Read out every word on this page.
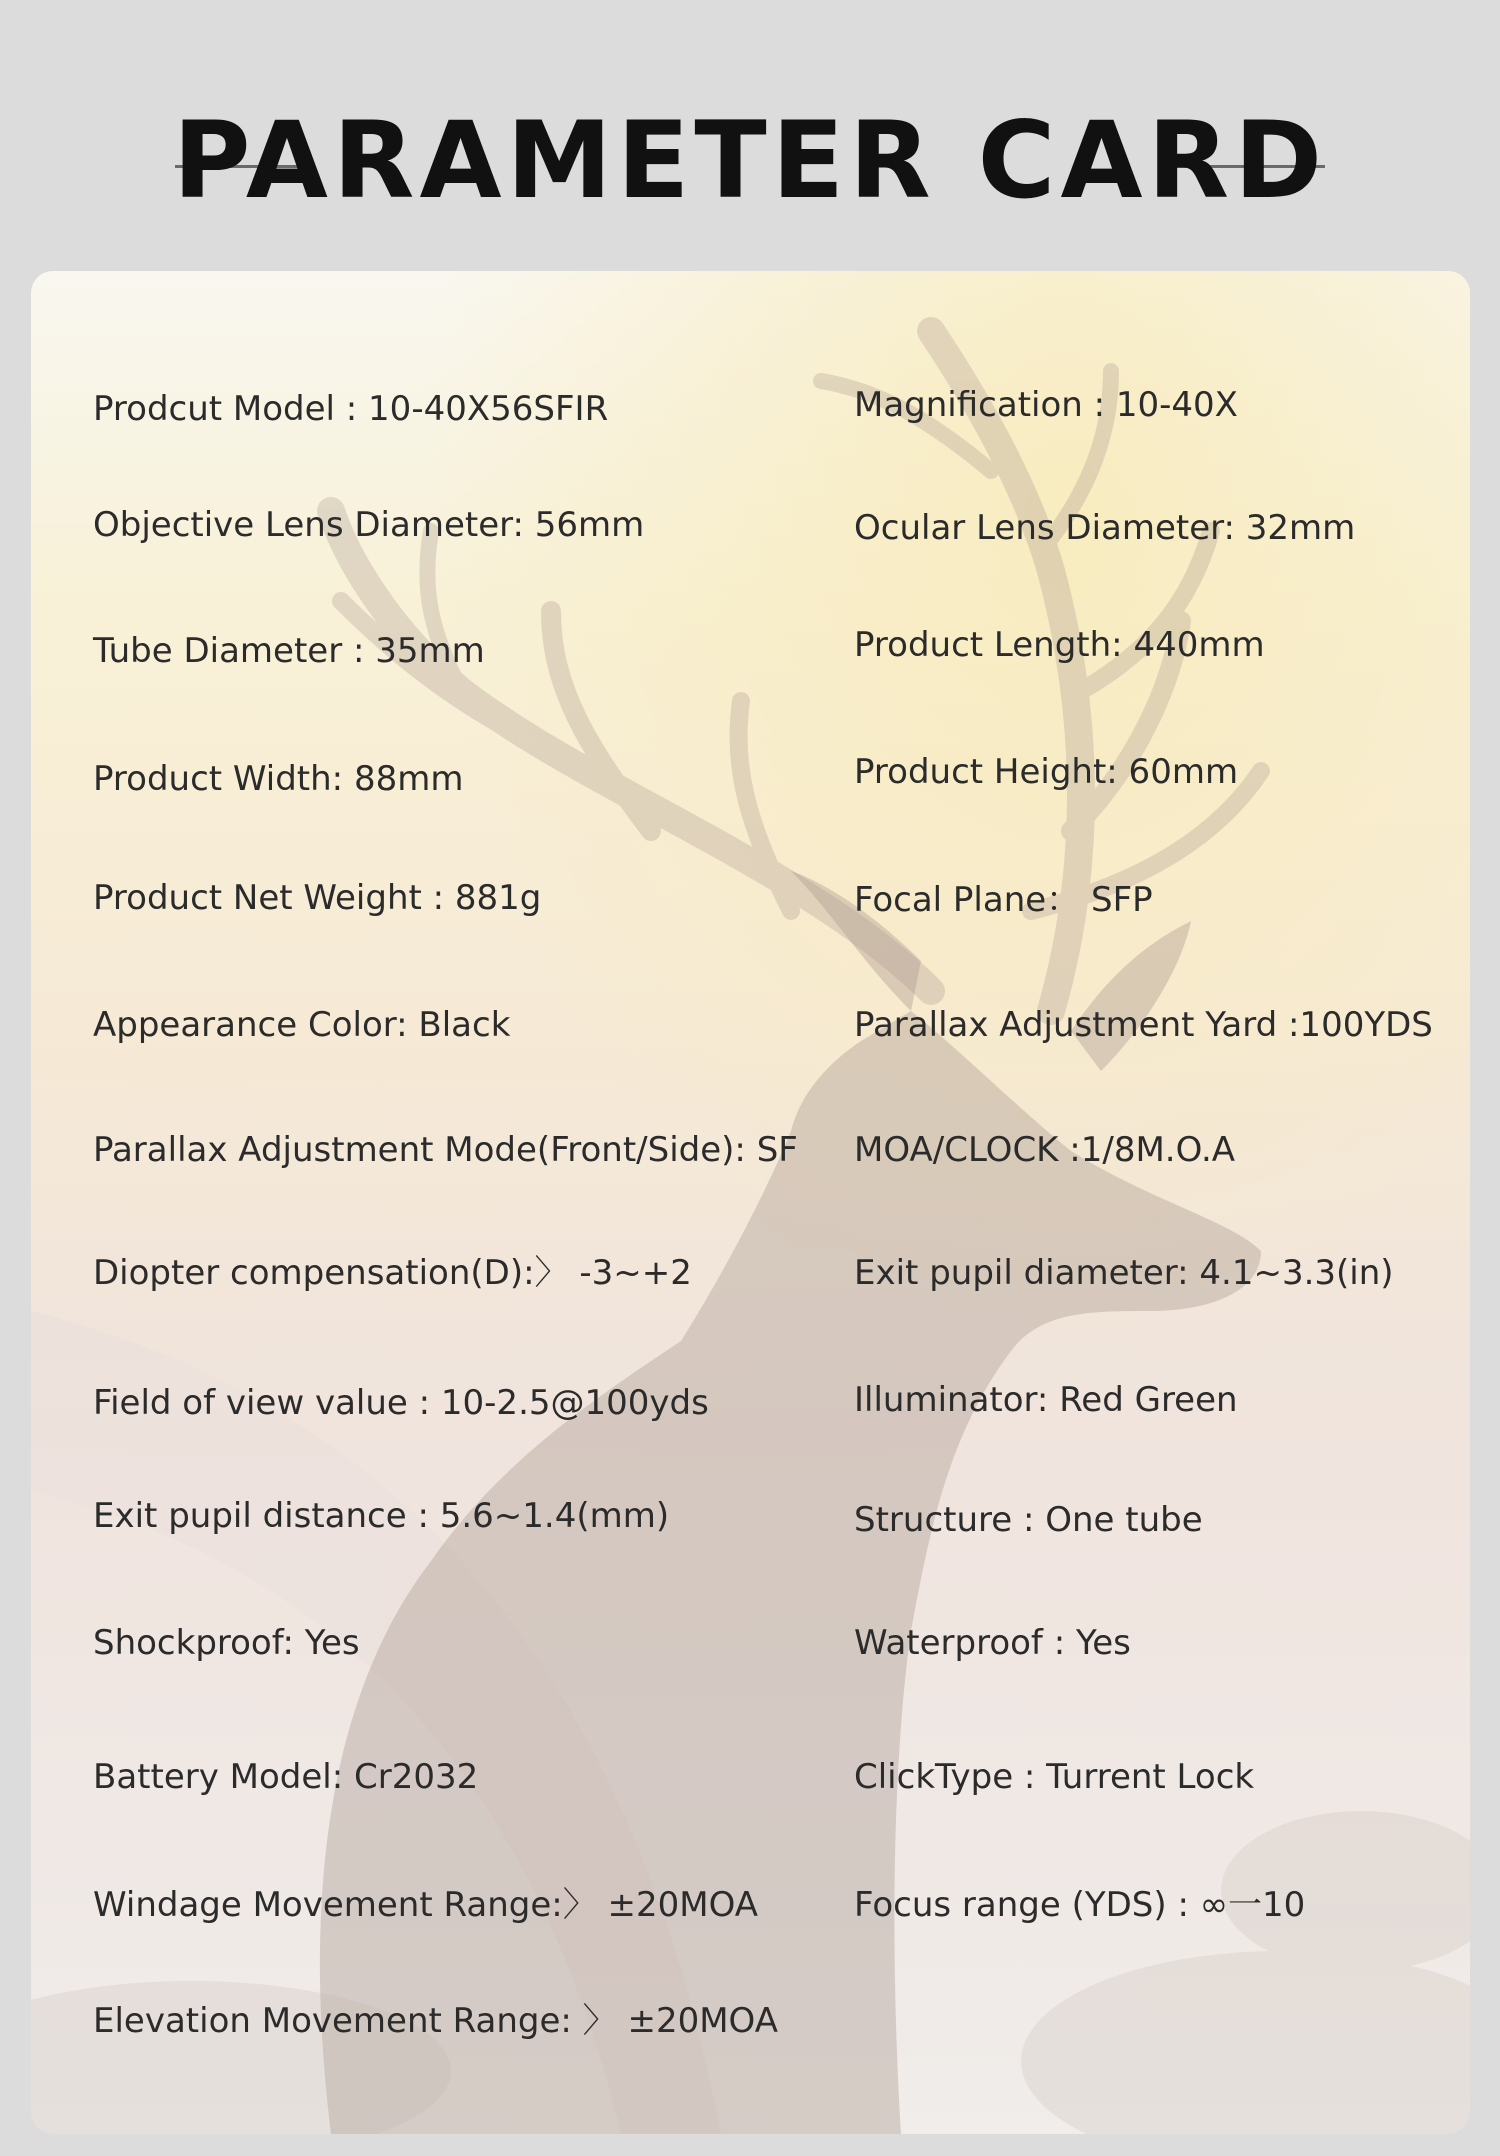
PARAMETER CARD
Prodcut Model : 10-40X56SFIR
Objective Lens Diameter: 56mm
Tube Diameter : 35mm
Product Width: 88mm
Product Net Weight : 881g
Appearance Color: Black
Parallax Adjustment Mode(Front/Side): SF
Diopter compensation(D):〉 -3~+2
Field of view value : 10-2.5@100yds
Exit pupil distance : 5.6~1.4(mm)
Shockproof: Yes
Battery Model: Cr2032
Windage Movement Range:〉 ±20MOA
Elevation Movement Range: 〉 ±20MOA
Magnification : 10-40X
Ocular Lens Diameter: 32mm
Product Length: 440mm
Product Height: 60mm
Focal Plane： SFP
Parallax Adjustment Yard :100YDS
MOA/CLOCK :1/8M.O.A
Exit pupil diameter: 4.1~3.3(in)
Illuminator: Red Green
Structure : One tube
Waterproof : Yes
ClickType : Turrent Lock
Focus range (YDS) : ∞一10
